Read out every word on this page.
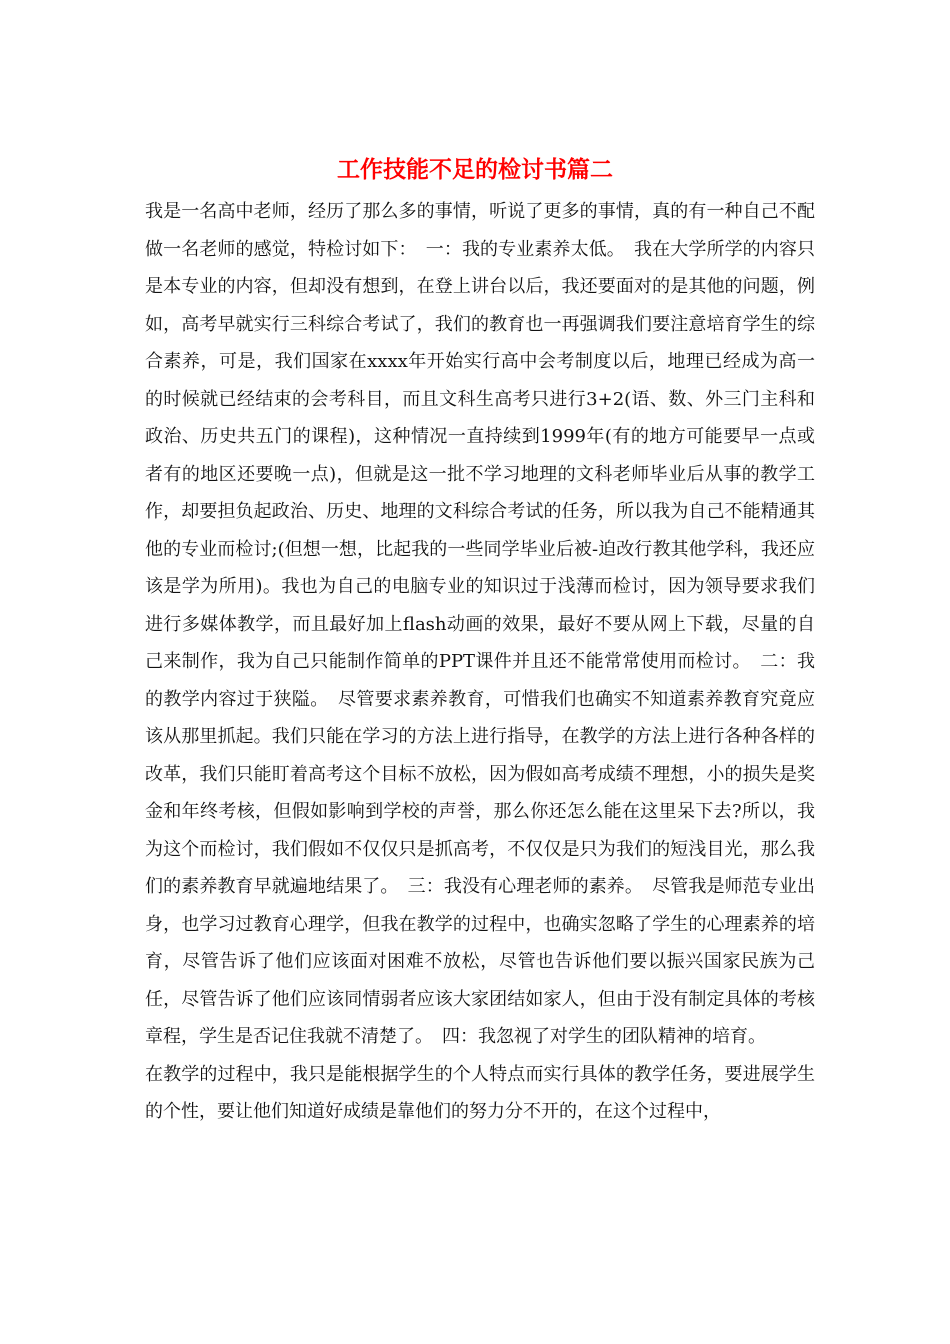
工作技能不足的检讨书篇二

我是一名高中老师，经历了那么多的事情，听说了更多的事情，真的有一种自己不配做一名老师的感觉，特检讨如下：　一：我的专业素养太低。　我在大学所学的内容只是本专业的内容，但却没有想到，在登上讲台以后，我还要面对的是其他的问题，例如，高考早就实行三科综合考试了，我们的教育也一再强调我们要注意培育学生的综合素养，可是，我们国家在xxxx年开始实行高中会考制度以后，地理已经成为高一的时候就已经结束的会考科目，而且文科生高考只进行3+2(语、数、外三门主科和政治、历史共五门的课程)，这种情况一直持续到1999年(有的地方可能要早一点或者有的地区还要晚一点)，但就是这一批不学习地理的文科老师毕业后从事的教学工作，却要担负起政治、历史、地理的文科综合考试的任务，所以我为自己不能精通其他的专业而检讨;(但想一想，比起我的一些同学毕业后被-迫改行教其他学科，我还应该是学为所用)。我也为自己的电脑专业的知识过于浅薄而检讨，因为领导要求我们进行多媒体教学，而且最好加上flash动画的效果，最好不要从网上下载，尽量的自己来制作，我为自己只能制作简单的PPT课件并且还不能常常使用而检讨。　二：我的教学内容过于狭隘。　尽管要求素养教育，可惜我们也确实不知道素养教育究竟应该从那里抓起。我们只能在学习的方法上进行指导，在教学的方法上进行各种各样的改革，我们只能盯着高考这个目标不放松，因为假如高考成绩不理想，小的损失是奖金和年终考核，但假如影响到学校的声誉，那么你还怎么能在这里呆下去?所以，我为这个而检讨，我们假如不仅仅只是抓高考，不仅仅是只为我们的短浅目光，那么我们的素养教育早就遍地结果了。　三：我没有心理老师的素养。　尽管我是师范专业出身，也学习过教育心理学，但我在教学的过程中，也确实忽略了学生的心理素养的培育，尽管告诉了他们应该面对困难不放松，尽管也告诉他们要以振兴国家民族为己任，尽管告诉了他们应该同情弱者应该大家团结如家人，但由于没有制定具体的考核章程，学生是否记住我就不清楚了。　四：我忽视了对学生的团队精神的培育。

在教学的过程中，我只是能根据学生的个人特点而实行具体的教学任务，要进展学生的个性，要让他们知道好成绩是靠他们的努力分不开的，在这个过程中，
